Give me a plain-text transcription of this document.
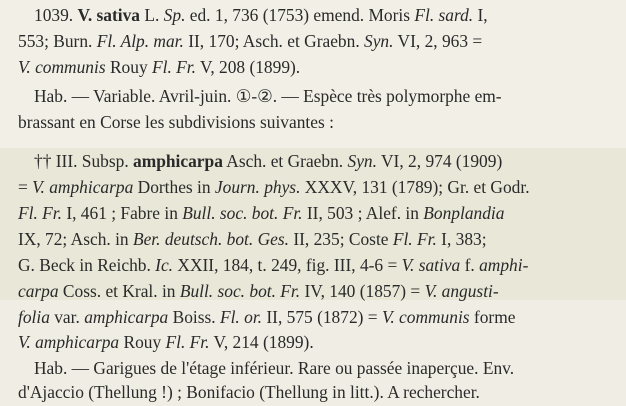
1039. V. sativa L. Sp. ed. 1, 736 (1753) emend. Moris Fl. sard. I,
553; Burn. Fl. Alp. mar. II, 170; Asch. et Graebn. Syn. VI, 2, 963 =
V. communis Rouy Fl. Fr. V, 208 (1899).
Hab. — Variable. Avril-juin. ①-②. — Espèce très polymorphe em-
brassant en Corse les subdivisions suivantes :
†† III. Subsp. amphicarpa Asch. et Graebn. Syn. VI, 2, 974 (1909)
= V. amphicarpa Dorthes in Journ. phys. XXXV, 131 (1789); Gr. et Godr.
Fl. Fr. I, 461 ; Fabre in Bull. soc. bot. Fr. II, 503 ; Alef. in Bonplandia
IX, 72; Asch. in Ber. deutsch. bot. Ges. II, 235; Coste Fl. Fr. I, 383;
G. Beck in Reichb. Ic. XXII, 184, t. 249, fig. III, 4-6 = V. sativa f. amphi-
carpa Coss. et Kral. in Bull. soc. bot. Fr. IV, 140 (1857) = V. angusti-
folia var. amphicarpa Boiss. Fl. or. II, 575 (1872) = V. communis forme
V. amphicarpa Rouy Fl. Fr. V, 214 (1899).
Hab. — Garigues de l'étage inférieur. Rare ou passée inaperçue. Env.
d'Ajaccio (Thellung !) ; Bonifacio (Thellung in litt.). A rechercher.
